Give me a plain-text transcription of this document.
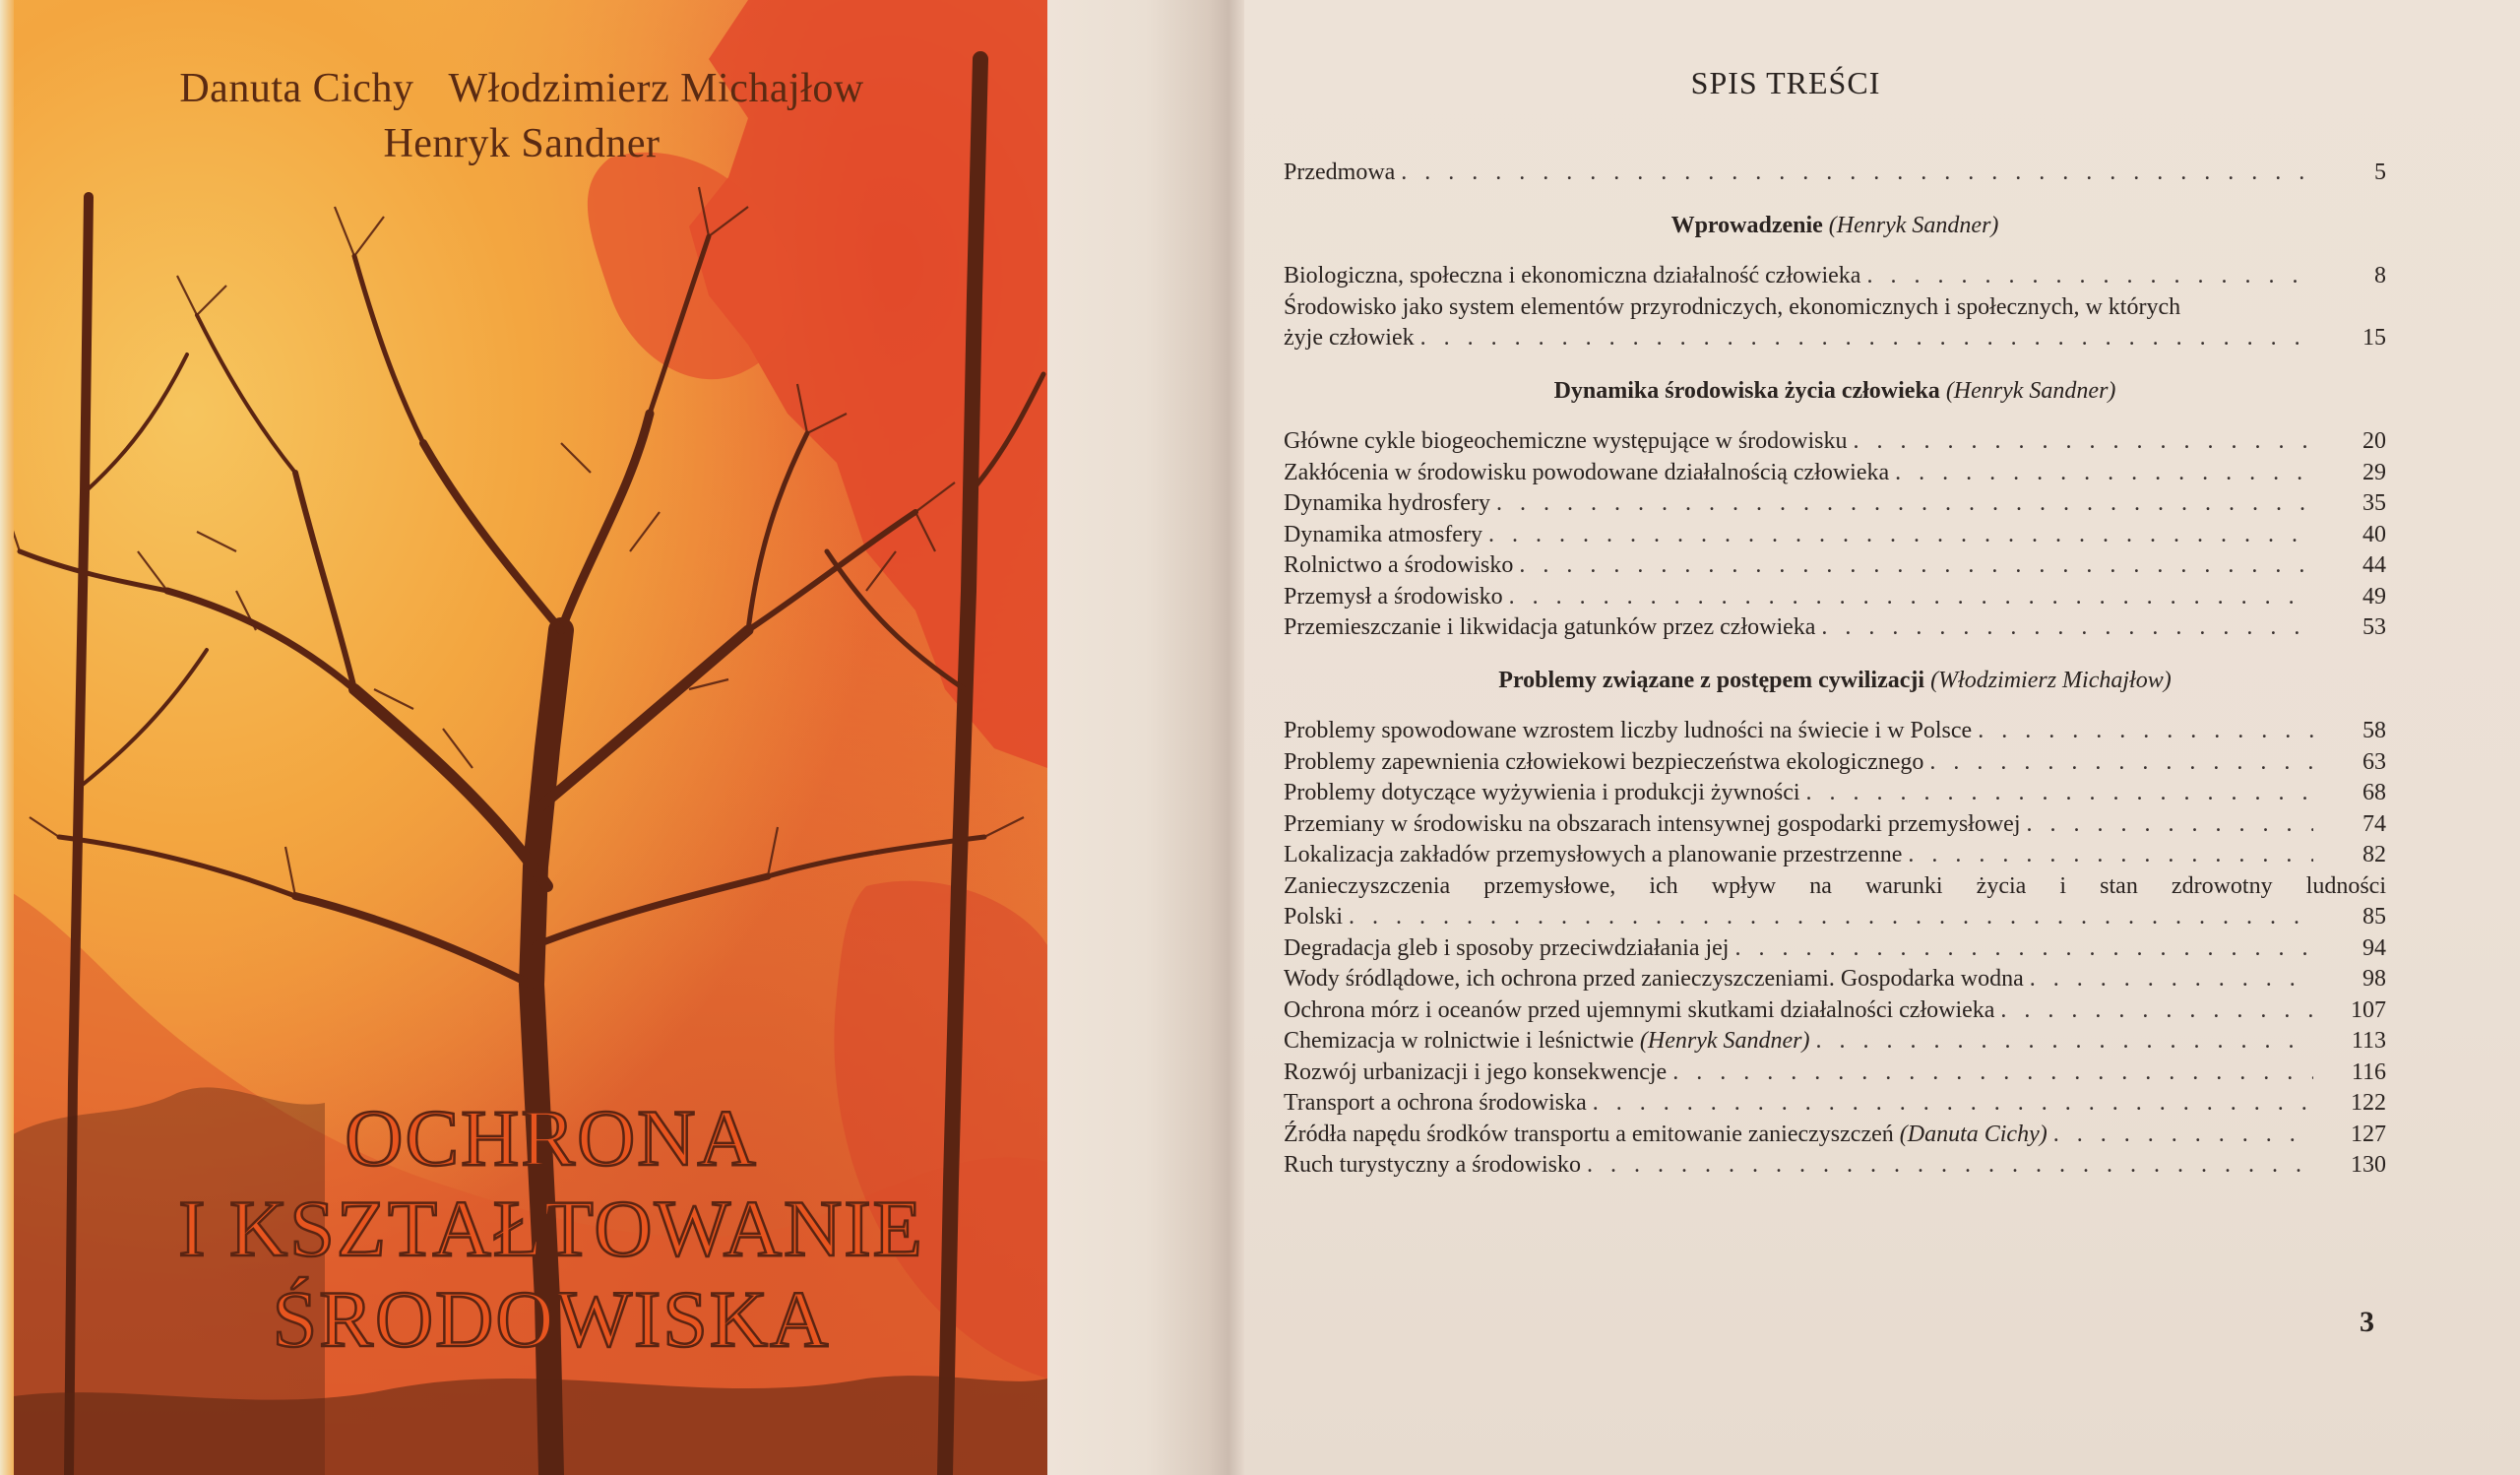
Danuta Cichy Włodzimierz Michajłow
Henryk Sandner
OCHRONA
I KSZTAŁTOWANIE
ŚRODOWISKA
SPIS TREŚCI
Przedmowa . . .	5
Wprowadzenie (Henryk Sandner)
Biologiczna, społeczna i ekonomiczna działalność człowieka . . .	8
Środowisko jako system elementów przyrodniczych, ekonomicznych i społecznych, w których
żyje człowiek . . .	15
Dynamika środowiska życia człowieka (Henryk Sandner)
Główne cykle biogeochemiczne występujące w środowisku . . .	20
Zakłócenia w środowisku powodowane działalnością człowieka . . .	29
Dynamika hydrosfery . . .	35
Dynamika atmosfery . . .	40
Rolnictwo a środowisko . . .	44
Przemysł a środowisko . . .	49
Przemieszczanie i likwidacja gatunków przez człowieka . . .	53
Problemy związane z postępem cywilizacji (Włodzimierz Michajłow)
Problemy spowodowane wzrostem liczby ludności na świecie i w Polsce . . .	58
Problemy zapewnienia człowiekowi bezpieczeństwa ekologicznego . . .	63
Problemy dotyczące wyżywienia i produkcji żywności . . .	68
Przemiany w środowisku na obszarach intensywnej gospodarki przemysłowej . . .	74
Lokalizacja zakładów przemysłowych a planowanie przestrzenne . . .	82
Zanieczyszczenia przemysłowe, ich wpływ na warunki życia i stan zdrowotny ludności
Polski . . .	85
Degradacja gleb i sposoby przeciwdziałania jej . . .	94
Wody śródlądowe, ich ochrona przed zanieczyszczeniami. Gospodarka wodna . . .	98
Ochrona mórz i oceanów przed ujemnymi skutkami działalności człowieka . . .	107
Chemizacja w rolnictwie i leśnictwie (Henryk Sandner) . . .	113
Rozwój urbanizacji i jego konsekwencje . . .	116
Transport a ochrona środowiska . . .	122
Źródła napędu środków transportu a emitowanie zanieczyszczeń (Danuta Cichy) . . .	127
Ruch turystyczny a środowisko . . .	130
3
